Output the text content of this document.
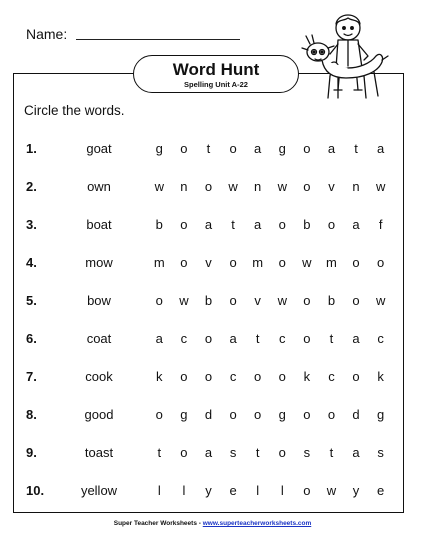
Name:
Word Hunt
Spelling Unit A-22
Circle the words.
1.	goat	g	o	t	o	a	g	o	a	t	a
2.	own	w	n	o	w	n	w	o	v	n	w
3.	boat	b	o	a	t	a	o	b	o	a	f
4.	mow	m	o	v	o	m	o	w	m	o	o
5.	bow	o	w	b	o	v	w	o	b	o	w
6.	coat	a	c	o	a	t	c	o	t	a	c
7.	cook	k	o	o	c	o	o	k	c	o	k
8.	good	o	g	d	o	o	g	o	o	d	g
9.	toast	t	o	a	s	t	o	s	t	a	s
10.	yellow	l	l	y	e	l	l	o	w	y	e
Super Teacher Worksheets - www.superteacherworksheets.com
